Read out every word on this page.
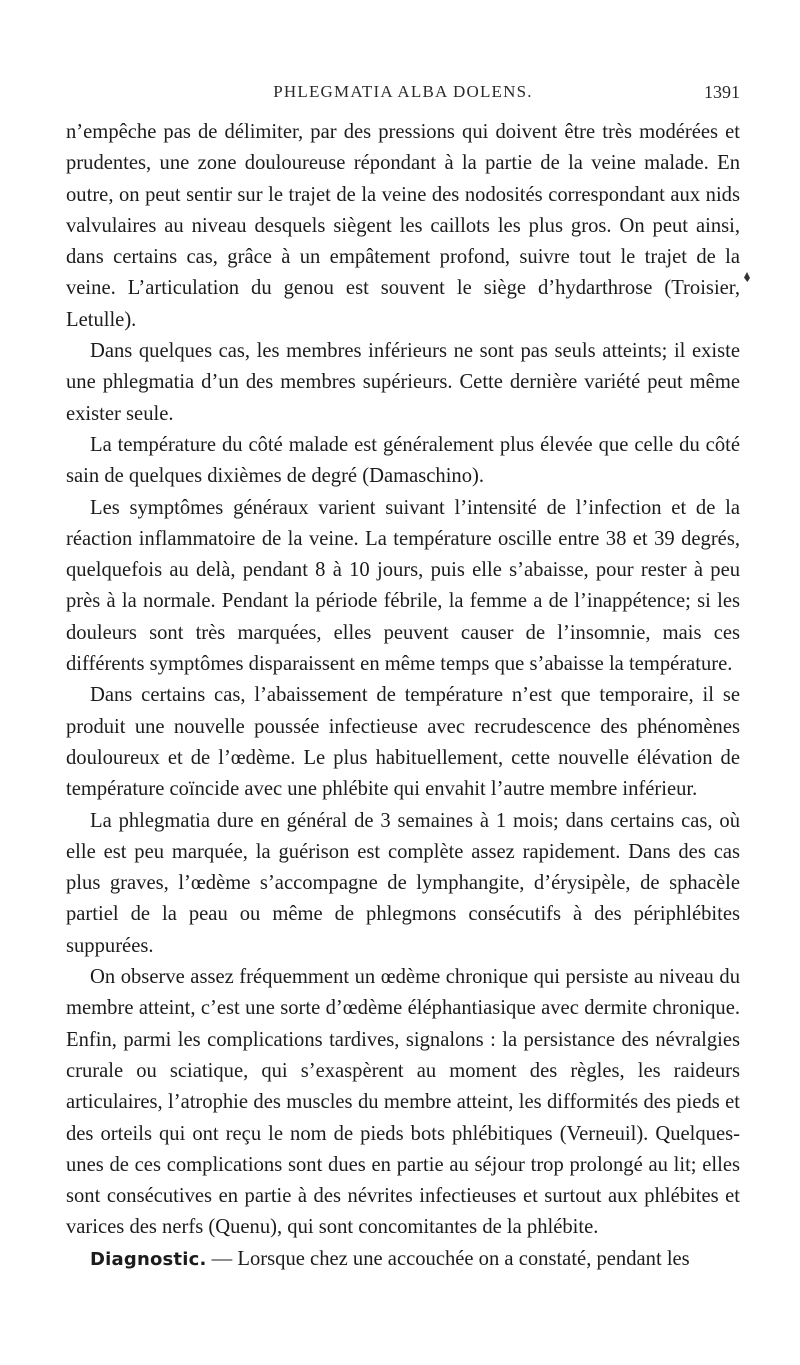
PHLEGMATIA ALBA DOLENS.	1391

n’empêche pas de délimiter, par des pressions qui doivent être très modérées et prudentes, une zone douloureuse répondant à la partie de la veine malade. En outre, on peut sentir sur le trajet de la veine des nodosités correspondant aux nids valvulaires au niveau desquels siègent les caillots les plus gros. On peut ainsi, dans certains cas, grâce à un empâtement profond, suivre tout le trajet de la veine. L’articulation du genou est souvent le siège d’hydarthrose (Troisier, Letulle).

Dans quelques cas, les membres inférieurs ne sont pas seuls atteints; il existe une phlegmatia d’un des membres supérieurs. Cette dernière variété peut même exister seule.

La température du côté malade est généralement plus élevée que celle du côté sain de quelques dixièmes de degré (Damaschino).

Les symptômes généraux varient suivant l’intensité de l’infection et de la réaction inflammatoire de la veine. La température oscille entre 38 et 39 degrés, quelquefois au delà, pendant 8 à 10 jours, puis elle s’abaisse, pour rester à peu près à la normale. Pendant la période fébrile, la femme a de l’inappétence; si les douleurs sont très marquées, elles peuvent causer de l’insomnie, mais ces différents symptômes disparaissent en même temps que s’abaisse la température.

Dans certains cas, l’abaissement de température n’est que temporaire, il se produit une nouvelle poussée infectieuse avec recrudescence des phénomènes douloureux et de l’œdème. Le plus habituellement, cette nouvelle élévation de température coïncide avec une phlébite qui envahit l’autre membre inférieur.

La phlegmatia dure en général de 3 semaines à 1 mois; dans certains cas, où elle est peu marquée, la guérison est complète assez rapidement. Dans des cas plus graves, l’œdème s’accompagne de lymphangite, d’érysipèle, de sphacèle partiel de la peau ou même de phlegmons consécutifs à des périphlébites suppurées.

On observe assez fréquemment un œdème chronique qui persiste au niveau du membre atteint, c’est une sorte d’œdème éléphantiasique avec dermite chronique. Enfin, parmi les complications tardives, signalons : la persistance des névralgies crurale ou sciatique, qui s’exaspèrent au moment des règles, les raideurs articulaires, l’atrophie des muscles du membre atteint, les difformités des pieds et des orteils qui ont reçu le nom de pieds bots phlébitiques (Verneuil). Quelques-unes de ces complications sont dues en partie au séjour trop prolongé au lit; elles sont consécutives en partie à des névrites infectieuses et surtout aux phlébites et varices des nerfs (Quenu), qui sont concomitantes de la phlébite.

Diagnostic. — Lorsque chez une accouchée on a constaté, pendant les
